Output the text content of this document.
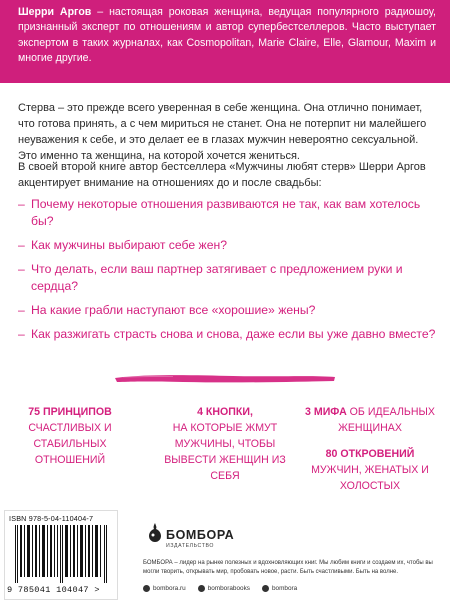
Шерри Аргов – настоящая роковая женщина, ведущая популярного радиошоу, признанный эксперт по отношениям и автор супербестселлеров. Часто выступает экспертом в таких журналах, как Cosmopolitan, Marie Claire, Elle, Glamour, Maxim и многие другие.

Стерва – это прежде всего уверенная в себе женщина. Она отлично понимает, что готова принять, а с чем мириться не станет. Она не потерпит ни малейшего неуважения к себе, и это делает ее в глазах мужчин невероятно сексуальной. Это именно та женщина, на которой хочется жениться.

В своей второй книге автор бестселлера «Мужчины любят стерв» Шерри Аргов акцентирует внимание на отношениях до и после свадьбы:

– Почему некоторые отношения развиваются не так, как вам хотелось бы?
– Как мужчины выбирают себе жен?
– Что делать, если ваш партнер затягивает с предложением руки и сердца?
– На какие грабли наступают все «хорошие» жены?
– Как разжигать страсть снова и снова, даже если вы уже давно вместе?
75 ПРИНЦИПОВ
СЧАСТЛИВЫХ И СТАБИЛЬНЫХ ОТНОШЕНИЙ
4 КНОПКИ,
НА КОТОРЫЕ ЖМУТ МУЖЧИНЫ, ЧТОБЫ ВЫВЕСТИ ЖЕНЩИН ИЗ СЕБЯ
3 МИФА ОБ ИДЕАЛЬНЫХ ЖЕНЩИНАХ
80 ОТКРОВЕНИЙ
МУЖЧИН, ЖЕНАТЫХ И ХОЛОСТЫХ
ISBN 978-5-04-110404-7
9 785041 104047 >
БОМБОРА
ИЗДАТЕЛЬСТВО

БОМБОРА – лидер на рынке полезных и вдохновляющих книг. Мы любим книги и создаем их, чтобы вы могли творить, открывать мир, пробовать новое, расти. Быть счастливыми. Быть на волне.

bombora.ru	bomborabooks	bombora
